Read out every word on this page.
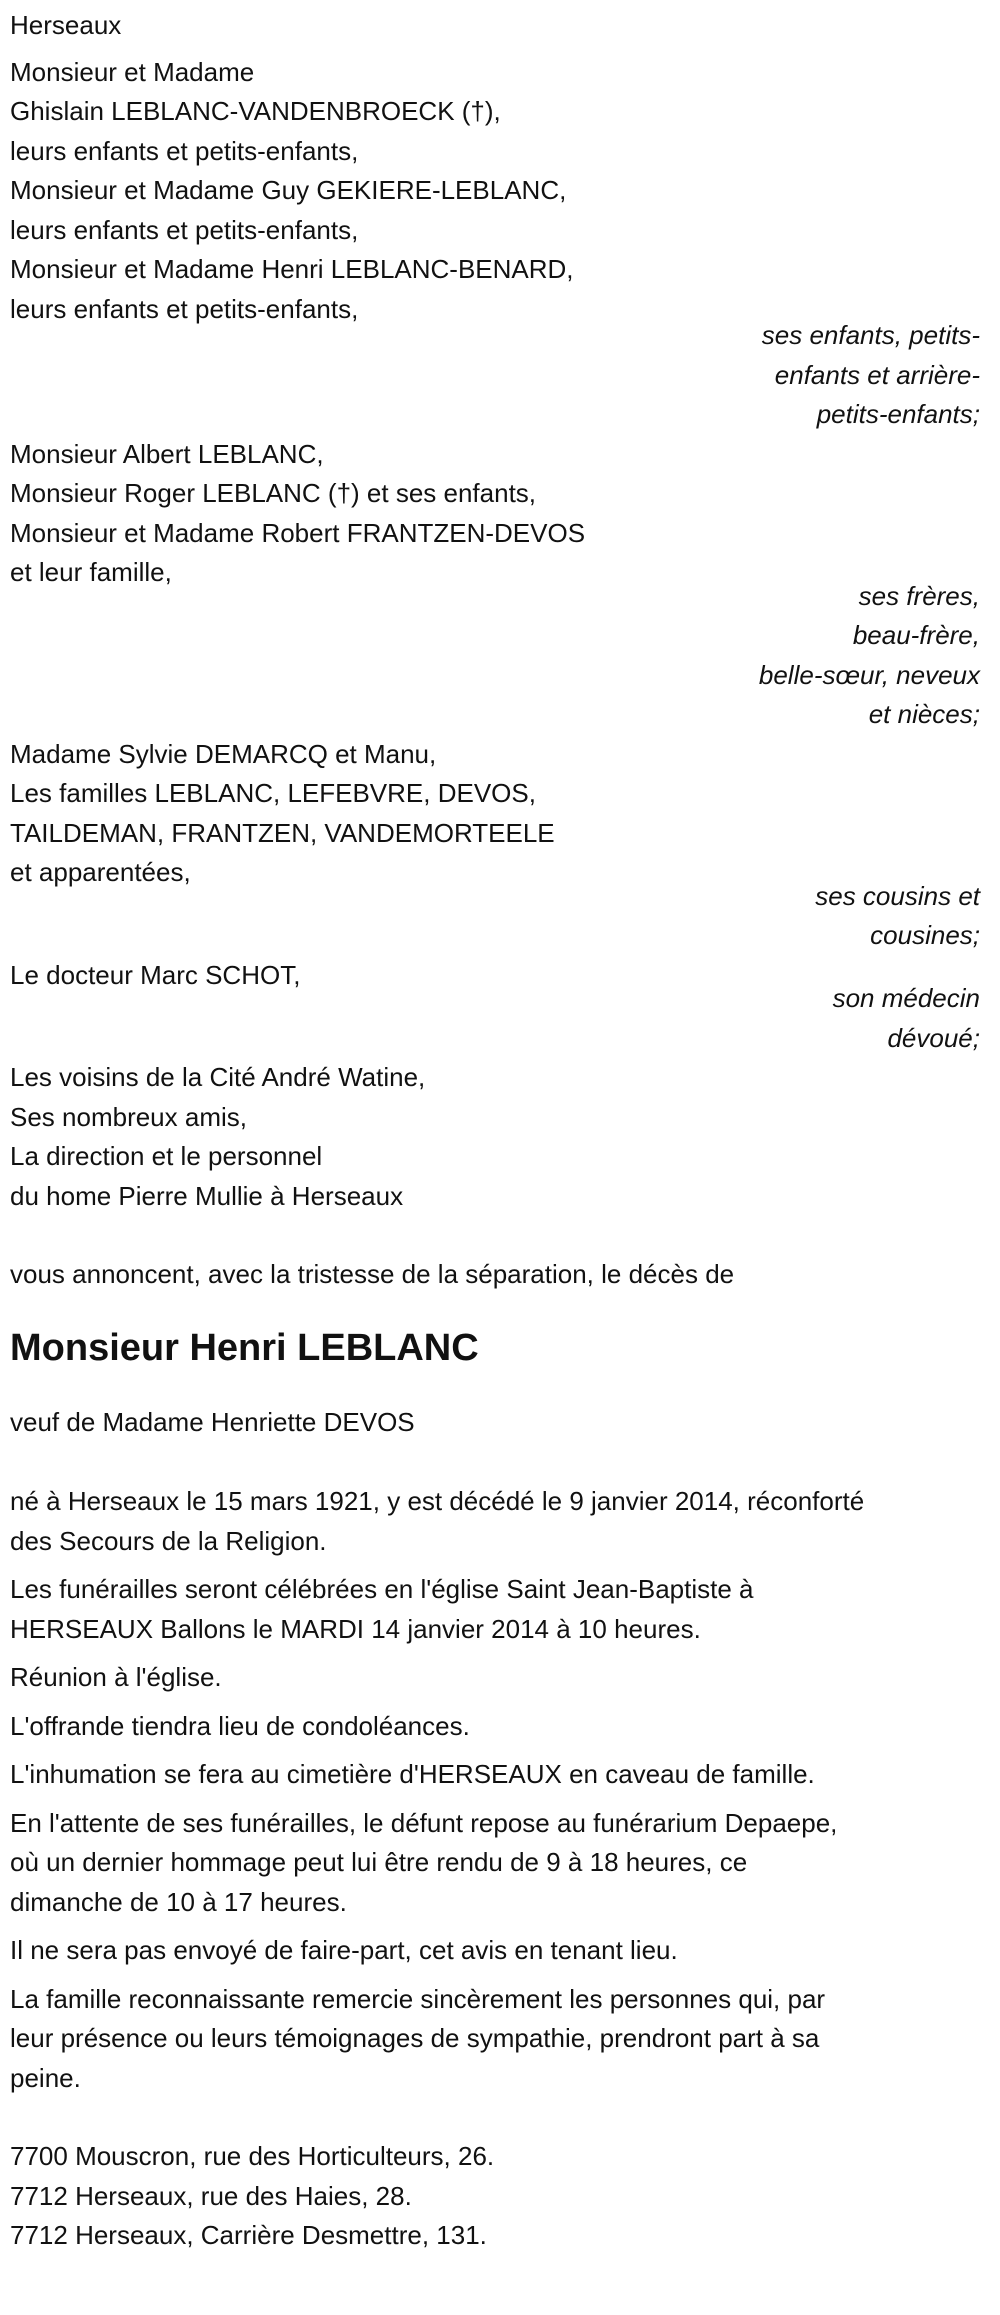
Herseaux
Monsieur et Madame
Ghislain LEBLANC-VANDENBROECK (†),
leurs enfants et petits-enfants,
Monsieur et Madame Guy GEKIERE-LEBLANC,
leurs enfants et petits-enfants,
Monsieur et Madame Henri LEBLANC-BENARD,
leurs enfants et petits-enfants,
ses enfants, petits-
enfants et arrière-
petits-enfants;
Monsieur Albert LEBLANC,
Monsieur Roger LEBLANC (†) et ses enfants,
Monsieur et Madame Robert FRANTZEN-DEVOS
et leur famille,
ses frères,
beau-frère,
belle-sœur, neveux
et nièces;
Madame Sylvie DEMARCQ et Manu,
Les familles LEBLANC, LEFEBVRE, DEVOS,
TAILDEMAN, FRANTZEN, VANDEMORTEELE
et apparentées,
ses cousins et
cousines;
Le docteur Marc SCHOT,
son médecin
dévoué;
Les voisins de la Cité André Watine,
Ses nombreux amis,
La direction et le personnel
du home Pierre Mullie à Herseaux
vous annoncent, avec la tristesse de la séparation, le décès de
Monsieur Henri LEBLANC
veuf de Madame Henriette DEVOS
né à Herseaux le 15 mars 1921, y est décédé le 9 janvier 2014, réconforté
des Secours de la Religion.
Les funérailles seront célébrées en l'église Saint Jean-Baptiste à
HERSEAUX Ballons le MARDI 14 janvier 2014 à 10 heures.
Réunion à l'église.
L'offrande tiendra lieu de condoléances.
L'inhumation se fera au cimetière d'HERSEAUX en caveau de famille.
En l'attente de ses funérailles, le défunt repose au funérarium Depaepe,
où un dernier hommage peut lui être rendu de 9 à 18 heures, ce
dimanche de 10 à 17 heures.
Il ne sera pas envoyé de faire-part, cet avis en tenant lieu.
La famille reconnaissante remercie sincèrement les personnes qui, par
leur présence ou leurs témoignages de sympathie, prendront part à sa
peine.
7700 Mouscron, rue des Horticulteurs, 26.
7712 Herseaux, rue des Haies, 28.
7712 Herseaux, Carrière Desmettre, 131.
